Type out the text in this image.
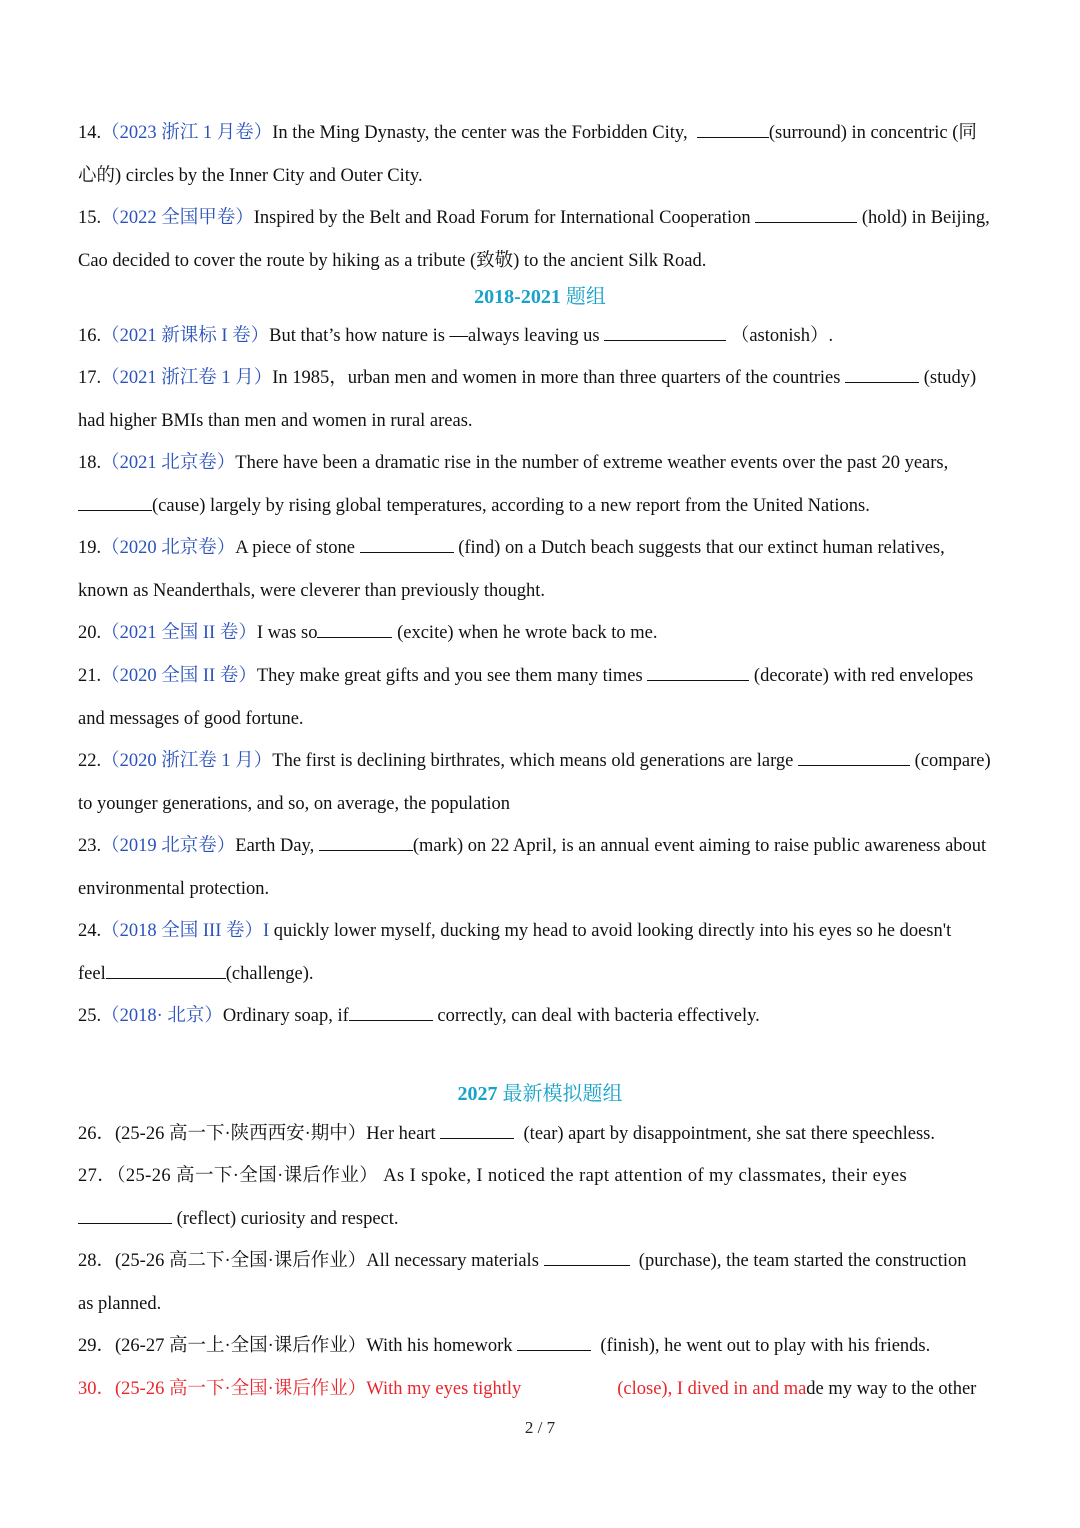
14.（2023 浙江 1 月卷）In the Ming Dynasty, the center was the Forbidden City,	(surround) in concentric (同
心的) circles by the Inner City and Outer City.
15.（2022 全国甲卷）Inspired by the Belt and Road Forum for International Cooperation	(hold) in Beijing,
Cao decided to cover the route by hiking as a tribute (致敬) to the ancient Silk Road.
2018-2021 题组
16.（2021 新课标 I 卷）But that’s how nature is —always leaving us	（astonish）.
17.（2021 浙江卷 1 月）In 1985，urban men and women in more than three quarters of the countries	(study)
had higher BMIs than men and women in rural areas.
18.（2021 北京卷）There have been a dramatic rise in the number of extreme weather events over the past 20 years,
(cause) largely by rising global temperatures, according to a new report from the United Nations.
19.（2020 北京卷）A piece of stone	(find) on a Dutch beach suggests that our extinct human relatives,
known as Neanderthals, were cleverer than previously thought.
20.（2021 全国 II 卷）I was so	(excite) when he wrote back to me.
21.（2020 全国 II 卷）They make great gifts and you see them many times	(decorate) with red envelopes
and messages of good fortune.
22.（2020 浙江卷 1 月）The first is declining birthrates, which means old generations are large	(compare)
to younger generations, and so, on average, the population
23.（2019 北京卷）Earth Day,	(mark) on 22 April, is an annual event aiming to raise public awareness about
environmental protection.
24.（2018 全国 III 卷）I quickly lower myself, ducking my head to avoid looking directly into his eyes so he doesn't
feel	(challenge).
25.（2018· 北京）Ordinary soap, if	correctly, can deal with bacteria effectively.
2027 最新模拟题组
26．(25-26 高一下·陕西西安·期中）Her heart	(tear) apart by disappointment, she sat there speechless.
27．（25-26 高一下·全国·课后作业） As I spoke, I noticed the rapt attention of my classmates, their eyes
(reflect) curiosity and respect.
28．(25-26 高二下·全国·课后作业）All necessary materials	(purchase), the team started the construction
as planned.
29．(26-27 高一上·全国·课后作业）With his homework	(finish), he went out to play with his friends.
30．(25-26 高一下·全国·课后作业）With my eyes tightly	(close), I dived in and made my way to the other
2 / 7
